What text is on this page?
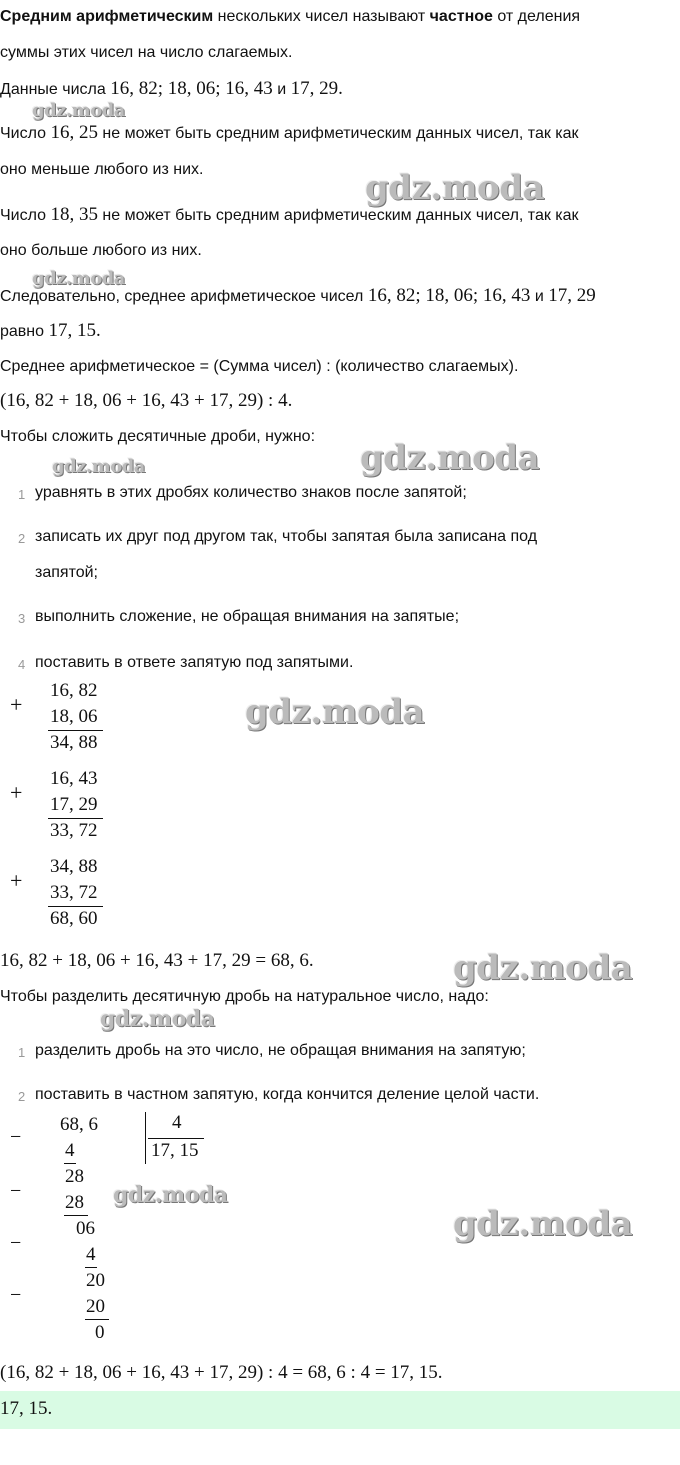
Средним арифметическим нескольких чисел называют частное от деления
суммы этих чисел на число слагаемых.
Данные числа 16, 82; 18, 06; 16, 43 и 17, 29.
gdz.moda
Число 16, 25 не может быть средним арифметическим данных чисел, так как
оно меньше любого из них.	gdz.moda
Число 18, 35 не может быть средним арифметическим данных чисел, так как
оно больше любого из них.
gdz.moda
Следовательно, среднее арифметическое чисел 16, 82; 18, 06; 16, 43 и 17, 29
равно 17, 15.
Среднее арифметическое = (Сумма чисел) : (количество слагаемых).
(16, 82 + 18, 06 + 16, 43 + 17, 29) : 4.
Чтобы сложить десятичные дроби, нужно:
gdz.moda	gdz.moda
1 уравнять в этих дробях количество знаков после запятой;
2 записать их друг под другом так, чтобы запятая была записана под
запятой;
3 выполнить сложение, не обращая внимания на запятые;
4 поставить в ответе запятую под запятыми.
+
16, 82
18, 06
34, 88
gdz.moda
+
16, 43
17, 29
33, 72
+
34, 88
33, 72
68, 60
16, 82 + 18, 06 + 16, 43 + 17, 29 = 68, 6.	gdz.moda
Чтобы разделить десятичную дробь на натуральное число, надо:
gdz.moda
1 разделить дробь на это число, не обращая внимания на запятую;
2 поставить в частном запятую, когда кончится деление целой части.
−
68, 6
4
4
17, 15
−
28
28 gdz.moda
gdz.moda
−
06
4
−
20
20
0
(16, 82 + 18, 06 + 16, 43 + 17, 29) : 4 = 68, 6 : 4 = 17, 15.
17, 15.
